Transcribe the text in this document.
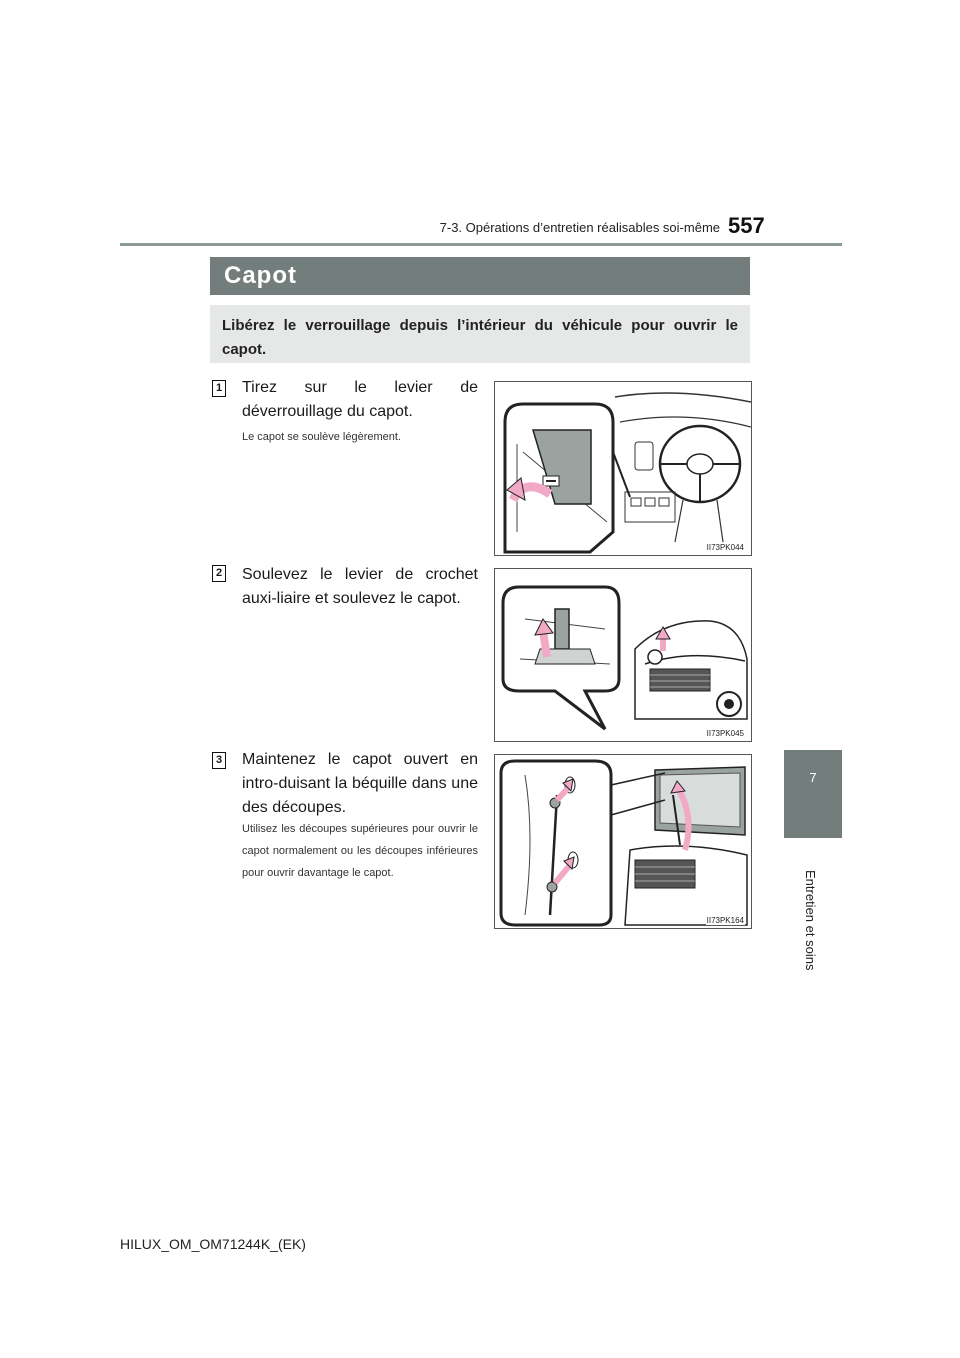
7-3. Opérations d’entretien réalisables soi-même 557
Capot
Libérez le verrouillage depuis l’intérieur du véhicule pour ouvrir le capot.
7
Entretien et soins
1 Tirez sur le levier de déverrouillage du capot.
Le capot se soulève légèrement.
II73PK044
2 Soulevez le levier de crochet auxi-liaire et soulevez le capot.
II73PK045
3 Maintenez le capot ouvert en intro-duisant la béquille dans une des découpes.
Utilisez les découpes supérieures pour ouvrir le capot normalement ou les découpes inférieures pour ouvrir davantage le capot.
II73PK164
HILUX_OM_OM71244K_(EK)
